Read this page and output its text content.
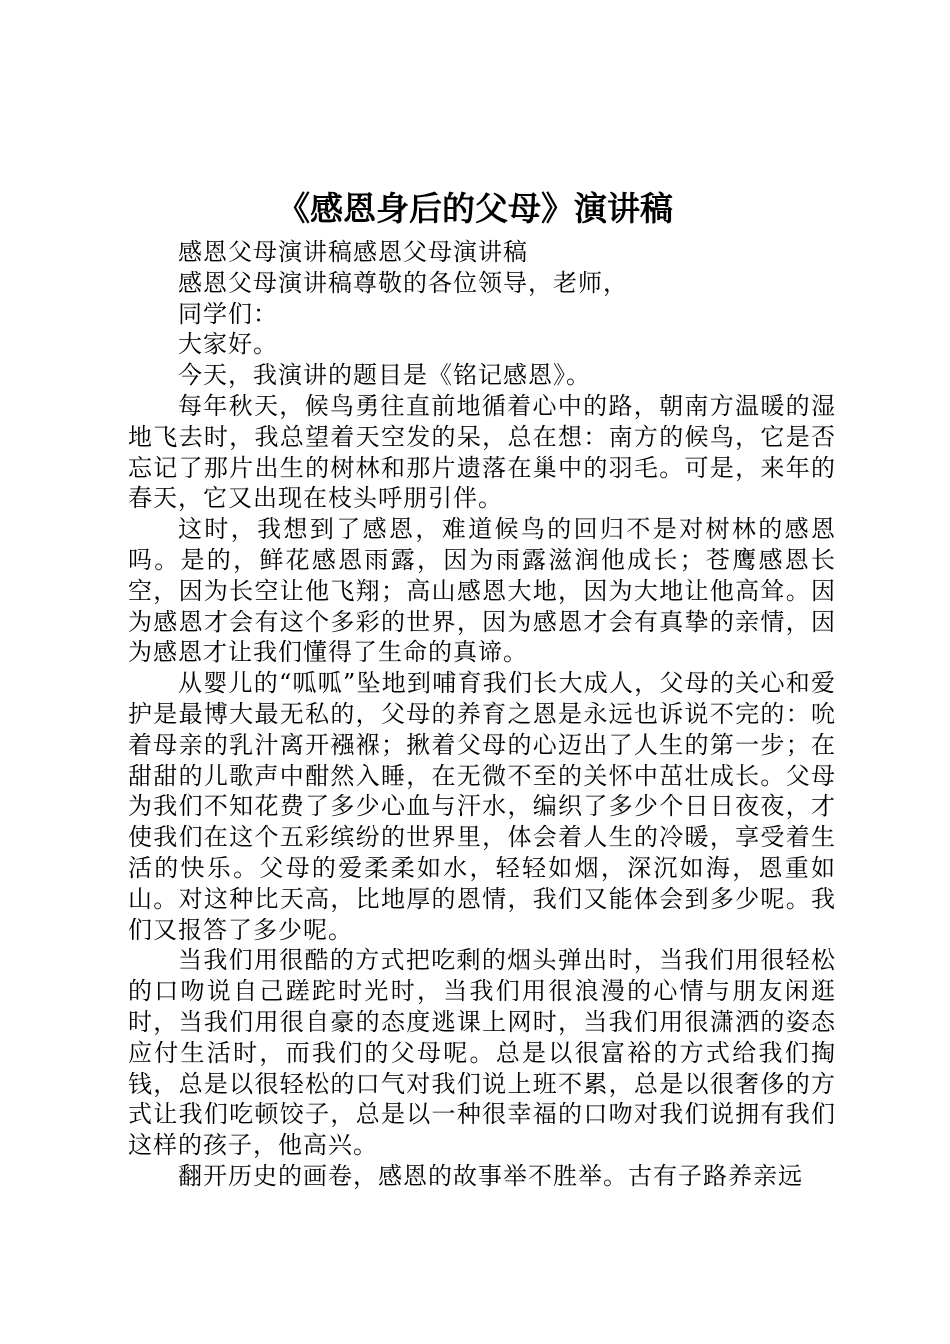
《感恩身后的父母》演讲稿

感恩父母演讲稿感恩父母演讲稿

感恩父母演讲稿尊敬的各位领导，老师，

同学们：

大家好。

今天，我演讲的题目是《铭记感恩》。

每年秋天，候鸟勇往直前地循着心中的路，朝南方温暖的湿地飞去时，我总望着天空发的呆，总在想：南方的候鸟，它是否忘记了那片出生的树林和那片遗落在巢中的羽毛。可是，来年的春天，它又出现在枝头呼朋引伴。

这时，我想到了感恩，难道候鸟的回归不是对树林的感恩吗。是的，鲜花感恩雨露，因为雨露滋润他成长；苍鹰感恩长空，因为长空让他飞翔；高山感恩大地，因为大地让他高耸。因为感恩才会有这个多彩的世界，因为感恩才会有真挚的亲情，因为感恩才让我们懂得了生命的真谛。

从婴儿的“呱呱”坠地到哺育我们长大成人，父母的关心和爱护是最博大最无私的，父母的养育之恩是永远也诉说不完的：吮着母亲的乳汁离开襁褓；揪着父母的心迈出了人生的第一步；在甜甜的儿歌声中酣然入睡，在无微不至的关怀中茁壮成长。父母为我们不知花费了多少心血与汗水，编织了多少个日日夜夜，才使我们在这个五彩缤纷的世界里，体会着人生的冷暖，享受着生活的快乐。父母的爱柔柔如水，轻轻如烟，深沉如海，恩重如山。对这种比天高，比地厚的恩情，我们又能体会到多少呢。我们又报答了多少呢。

当我们用很酷的方式把吃剩的烟头弹出时，当我们用很轻松的口吻说自己蹉跎时光时，当我们用很浪漫的心情与朋友闲逛时，当我们用很自豪的态度逃课上网时，当我们用很潇洒的姿态应付生活时，而我们的父母呢。总是以很富裕的方式给我们掏钱，总是以很轻松的口气对我们说上班不累，总是以很奢侈的方式让我们吃顿饺子，总是以一种很幸福的口吻对我们说拥有我们这样的孩子，他高兴。

翻开历史的画卷，感恩的故事举不胜举。古有子路养亲远
